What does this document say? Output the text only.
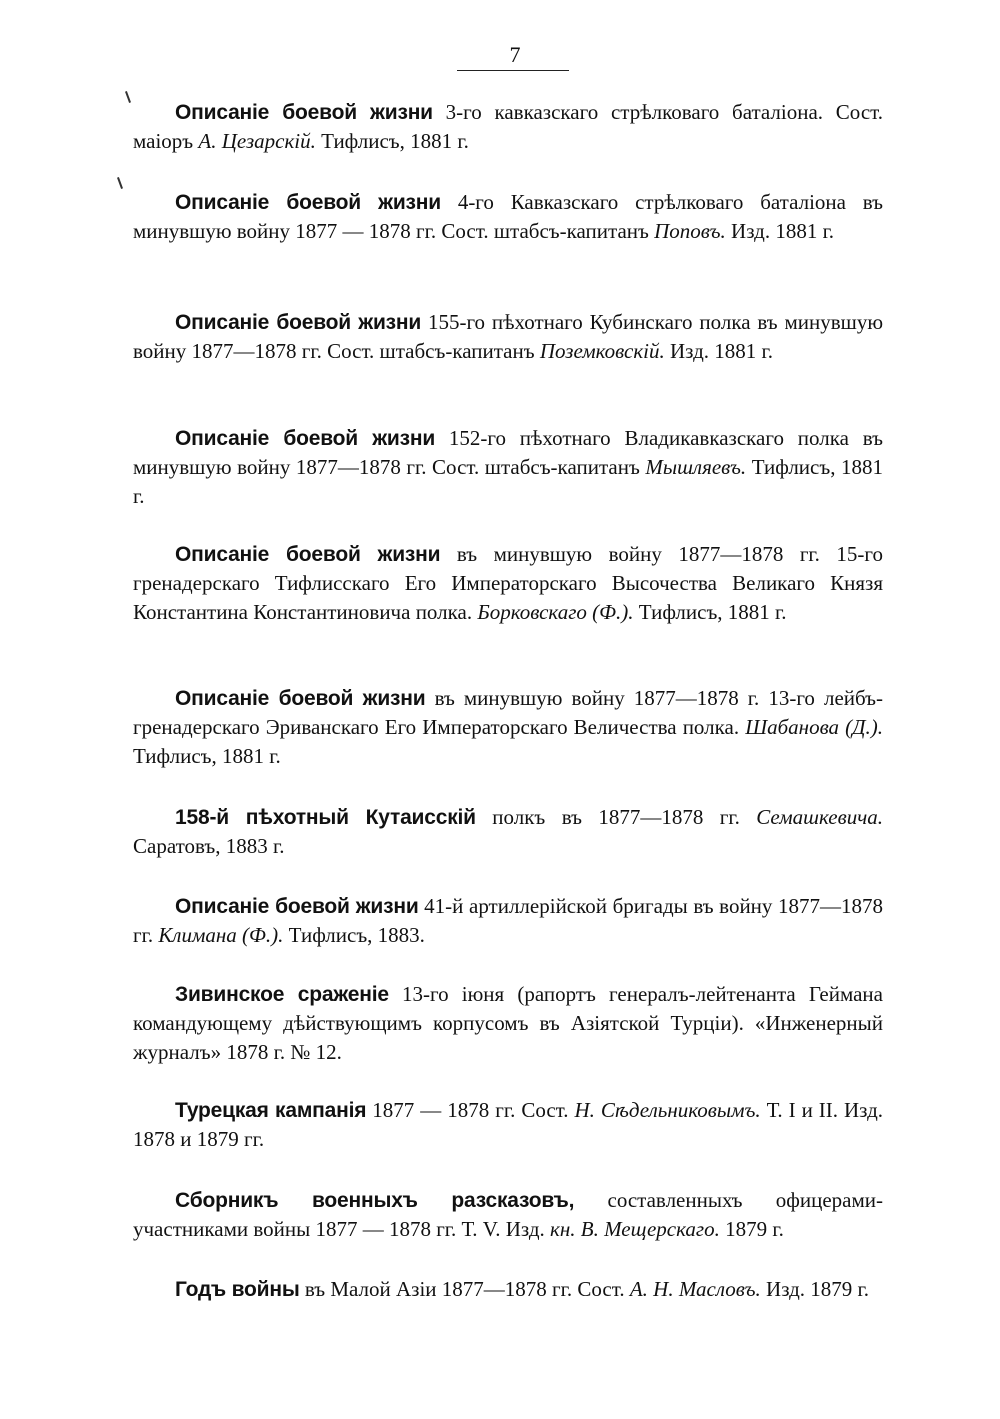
7

Описаніе боевой жизни 3-го кавказскаго стрѣлковаго баталіона. Сост. маіоръ А. Цезарскій. Тифлисъ, 1881 г.

Описаніе боевой жизни 4-го Кавказскаго стрѣлковаго баталіона въ минувшую войну 1877 — 1878 гг. Сост. штабсъ-капитанъ Поповъ. Изд. 1881 г.

Описаніе боевой жизни 155-го пѣхотнаго Кубинскаго полка въ минувшую войну 1877—1878 гг. Сост. штабсъ-капитанъ Поземковскій. Изд. 1881 г.

Описаніе боевой жизни 152-го пѣхотнаго Владикавказскаго полка въ минувшую войну 1877—1878 гг. Сост. штабсъ-капитанъ Мышляевъ. Тифлисъ, 1881 г.

Описаніе боевой жизни въ минувшую войну 1877—1878 гг. 15-го гренадерскаго Тифлисскаго Его Императорскаго Высочества Великаго Князя Константина Константиновича полка. Борковскаго (Ф.). Тифлисъ, 1881 г.

Описаніе боевой жизни въ минувшую войну 1877—1878 г. 13-го лейбъ-гренадерскаго Эриванскаго Его Императорскаго Величества полка. Шабанова (Д.). Тифлисъ, 1881 г.

158-й пѣхотный Кутаисскій полкъ въ 1877—1878 гг. Семашкевича. Саратовъ, 1883 г.

Описаніе боевой жизни 41-й артиллерійской бригады въ войну 1877—1878 гг. Климана (Ф.). Тифлисъ, 1883.

Зивинское сраженіе 13-го іюня (рапортъ генералъ-лейтенанта Геймана командующему дѣйствующимъ корпусомъ въ Азіятской Турціи). «Инженерный журналъ» 1878 г. № 12.

Турецкая кампанія 1877 — 1878 гг. Сост. Н. Сѣдельниковымъ. Т. I и II. Изд. 1878 и 1879 гг.

Сборникъ военныхъ разсказовъ, составленныхъ офицерами-участниками войны 1877 — 1878 гг. Т. V. Изд. кн. В. Мещерскаго. 1879 г.

Годъ войны въ Малой Азіи 1877—1878 гг. Сост. А. Н. Масловъ. Изд. 1879 г.
